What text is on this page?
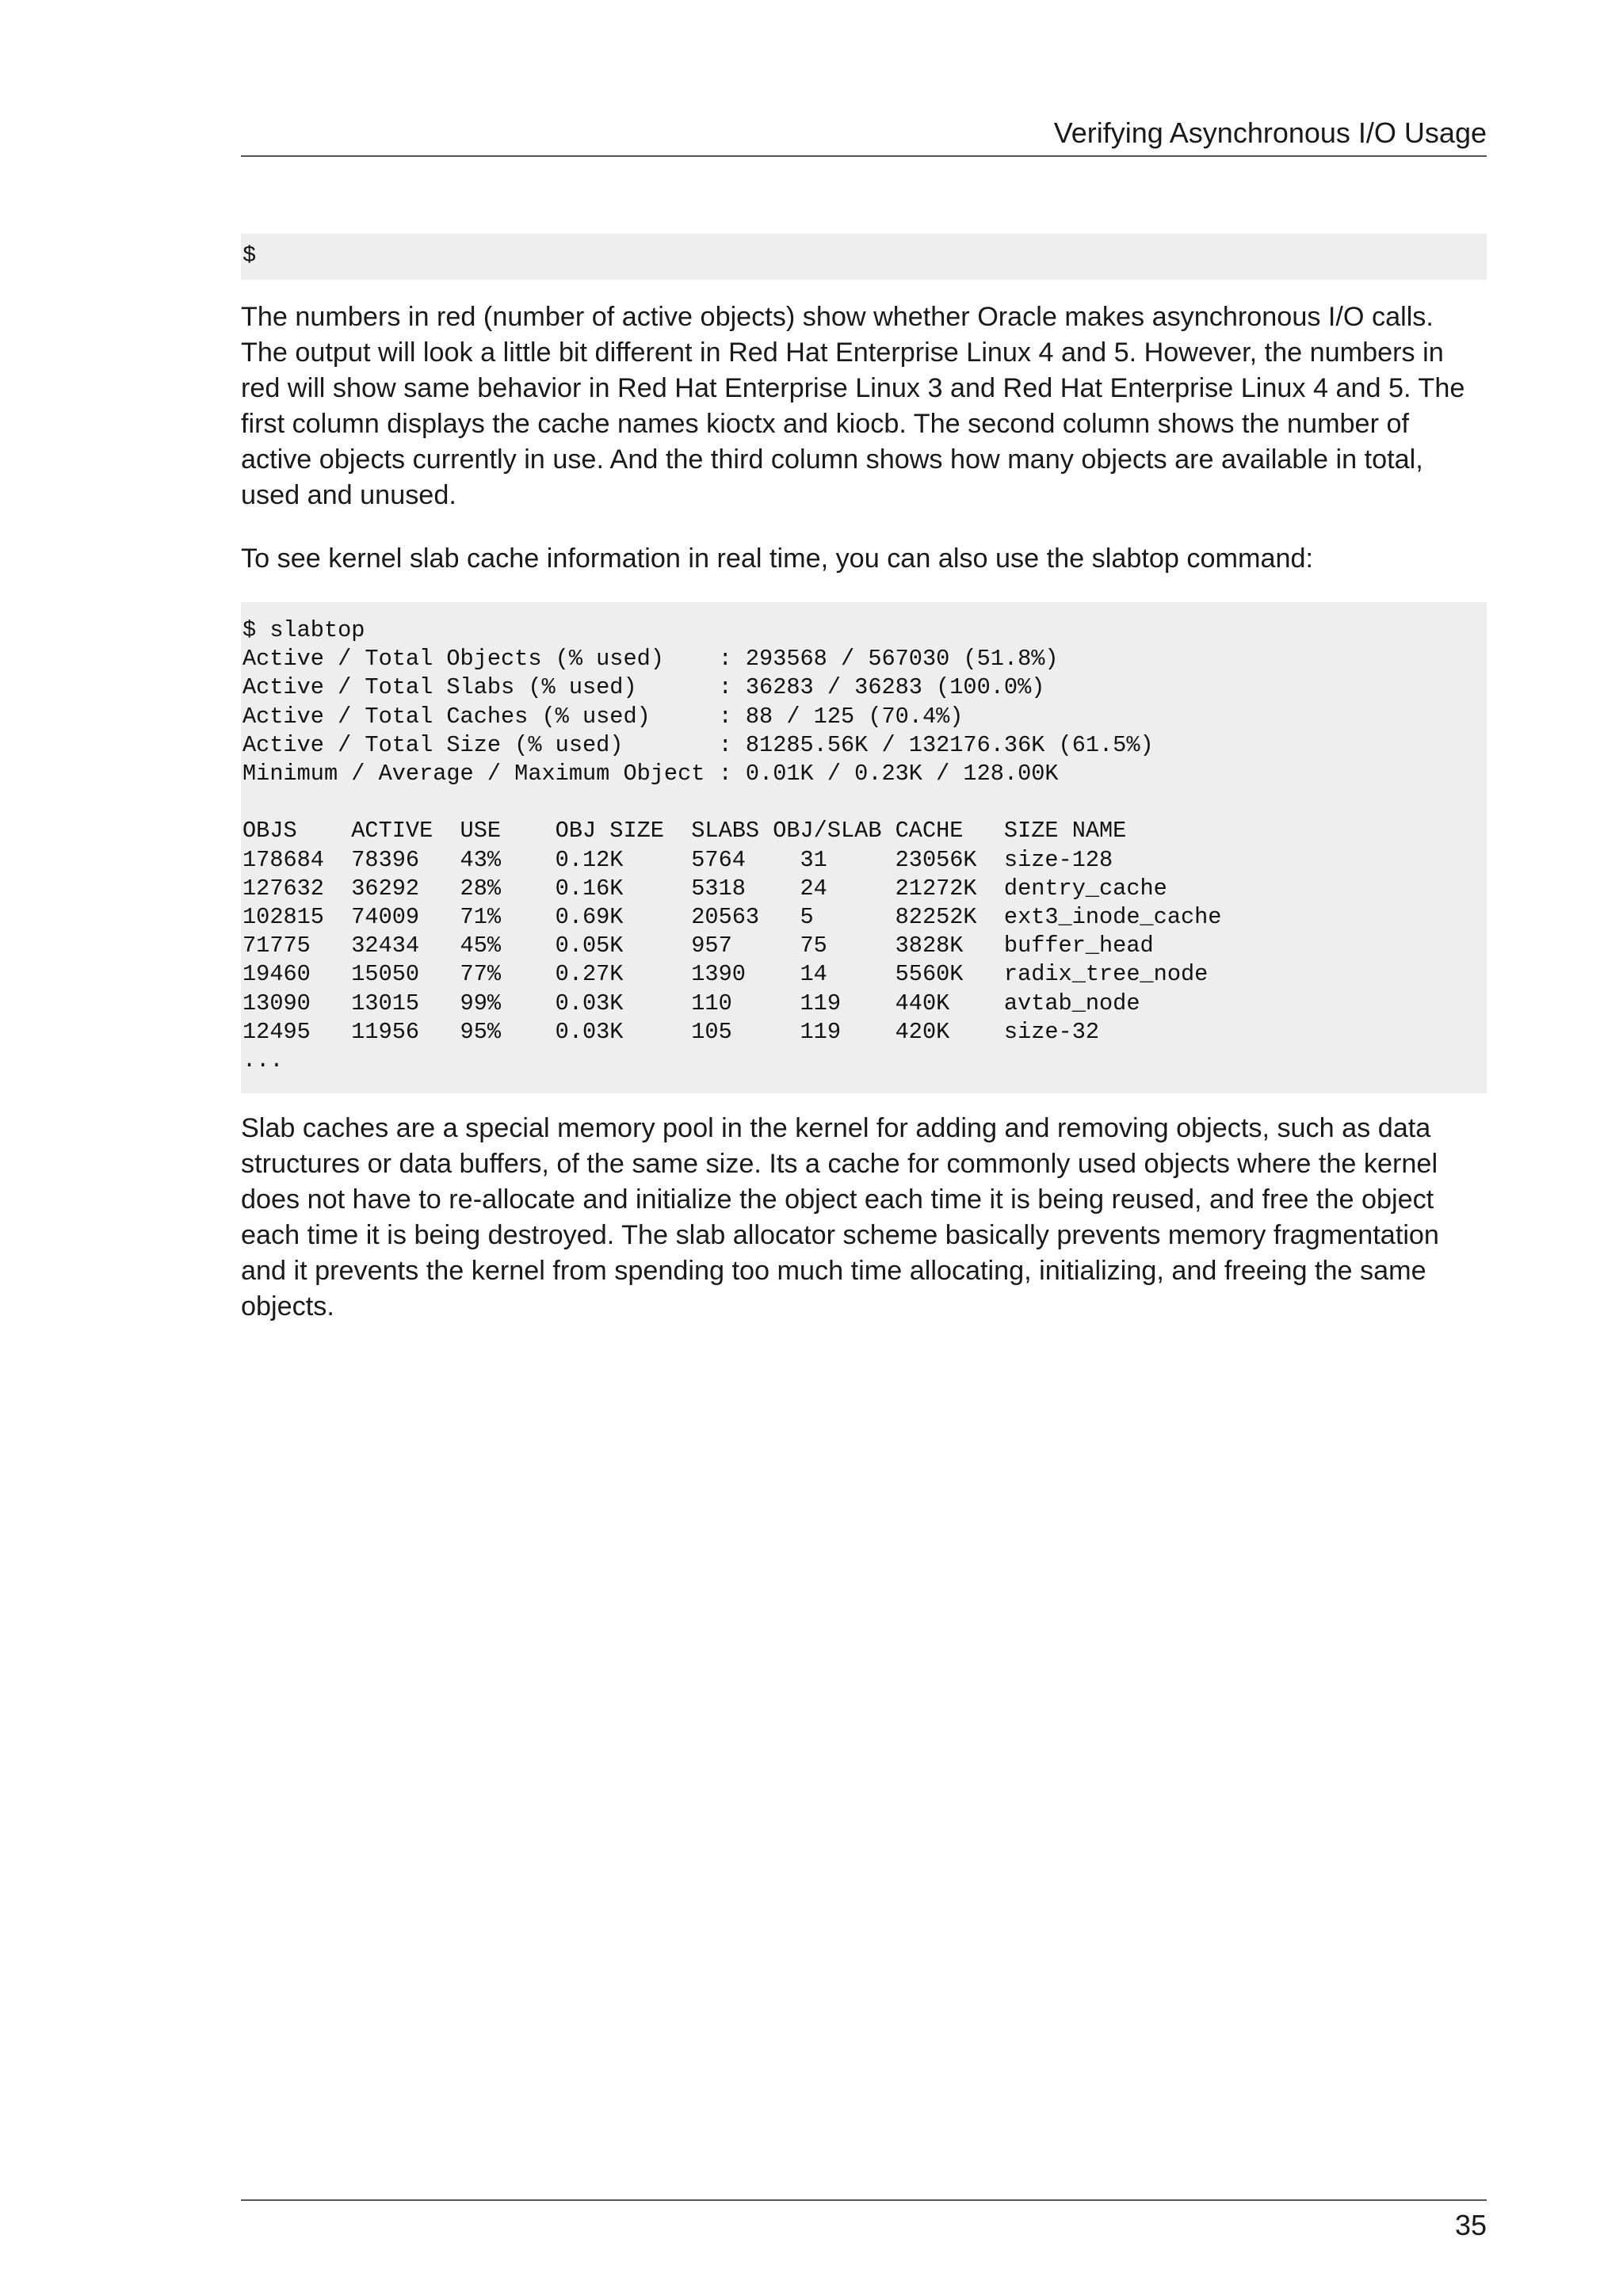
Verifying Asynchronous I/O Usage
$

The numbers in red (number of active objects) show whether Oracle makes asynchronous I/O calls. The output will look a little bit different in Red Hat Enterprise Linux 4 and 5. However, the numbers in red will show same behavior in Red Hat Enterprise Linux 3 and Red Hat Enterprise Linux 4 and 5. The first column displays the cache names kioctx and kiocb. The second column shows the number of active objects currently in use. And the third column shows how many objects are available in total, used and unused.

To see kernel slab cache information in real time, you can also use the slabtop command:

$ slabtop
Active / Total Objects (% used)    : 293568 / 567030 (51.8%)
Active / Total Slabs (% used)      : 36283 / 36283 (100.0%)
Active / Total Caches (% used)     : 88 / 125 (70.4%)
Active / Total Size (% used)       : 81285.56K / 132176.36K (61.5%)
Minimum / Average / Maximum Object : 0.01K / 0.23K / 128.00K

OBJS    ACTIVE  USE    OBJ SIZE  SLABS OBJ/SLAB CACHE   SIZE NAME
178684  78396   43%    0.12K     5764    31     23056K  size-128
127632  36292   28%    0.16K     5318    24     21272K  dentry_cache
102815  74009   71%    0.69K     20563   5      82252K  ext3_inode_cache
71775   32434   45%    0.05K     957     75     3828K   buffer_head
19460   15050   77%    0.27K     1390    14     5560K   radix_tree_node
13090   13015   99%    0.03K     110     119    440K    avtab_node
12495   11956   95%    0.03K     105     119    420K    size-32
...

Slab caches are a special memory pool in the kernel for adding and removing objects, such as data structures or data buffers, of the same size. Its a cache for commonly used objects where the kernel does not have to re-allocate and initialize the object each time it is being reused, and free the object each time it is being destroyed. The slab allocator scheme basically prevents memory fragmentation and it prevents the kernel from spending too much time allocating, initializing, and freeing the same objects.

35
